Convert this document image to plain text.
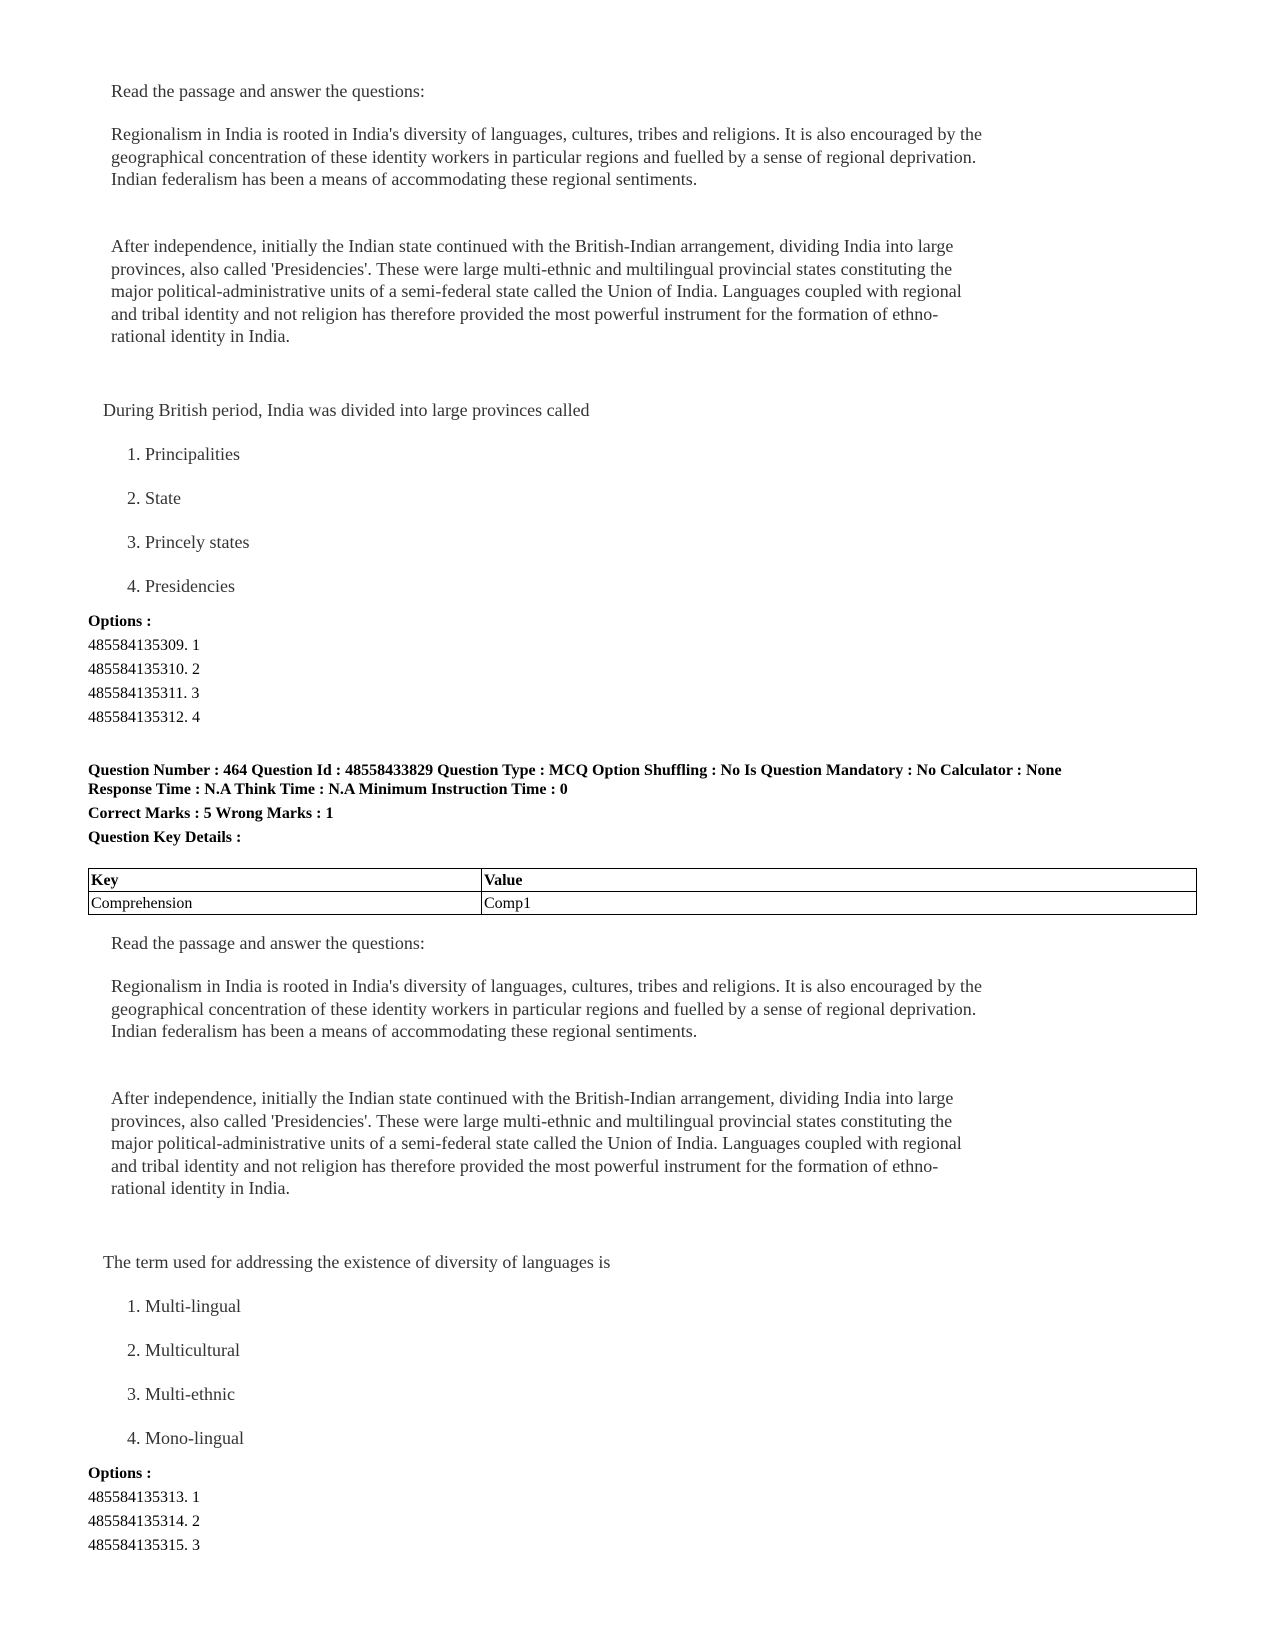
Read the passage and answer the questions:

Regionalism in India is rooted in India's diversity of languages, cultures, tribes and religions. It is also encouraged by the geographical concentration of these identity workers in particular regions and fuelled by a sense of regional deprivation. Indian federalism has been a means of accommodating these regional sentiments.

After independence, initially the Indian state continued with the British-Indian arrangement, dividing India into large provinces, also called 'Presidencies'. These were large multi-ethnic and multilingual provincial states constituting the major political-administrative units of a semi-federal state called the Union of India. Languages coupled with regional and tribal identity and not religion has therefore provided the most powerful instrument for the formation of ethno-rational identity in India.

During British period, India was divided into large provinces called

1. Principalities

2. State

3. Princely states

4. Presidencies

Options :

485584135309. 1

485584135310. 2

485584135311. 3

485584135312. 4

Question Number : 464 Question Id : 48558433829 Question Type : MCQ Option Shuffling : No Is Question Mandatory : No Calculator : None

Response Time : N.A Think Time : N.A Minimum Instruction Time : 0

Correct Marks : 5 Wrong Marks : 1

Question Key Details :

Key	Value
Comprehension	Comp1

Read the passage and answer the questions:

Regionalism in India is rooted in India's diversity of languages, cultures, tribes and religions. It is also encouraged by the geographical concentration of these identity workers in particular regions and fuelled by a sense of regional deprivation. Indian federalism has been a means of accommodating these regional sentiments.

After independence, initially the Indian state continued with the British-Indian arrangement, dividing India into large provinces, also called 'Presidencies'. These were large multi-ethnic and multilingual provincial states constituting the major political-administrative units of a semi-federal state called the Union of India. Languages coupled with regional and tribal identity and not religion has therefore provided the most powerful instrument for the formation of ethno-rational identity in India.

The term used for addressing the existence of diversity of languages is

1. Multi-lingual

2. Multicultural

3. Multi-ethnic

4. Mono-lingual

Options :

485584135313. 1

485584135314. 2

485584135315. 3
